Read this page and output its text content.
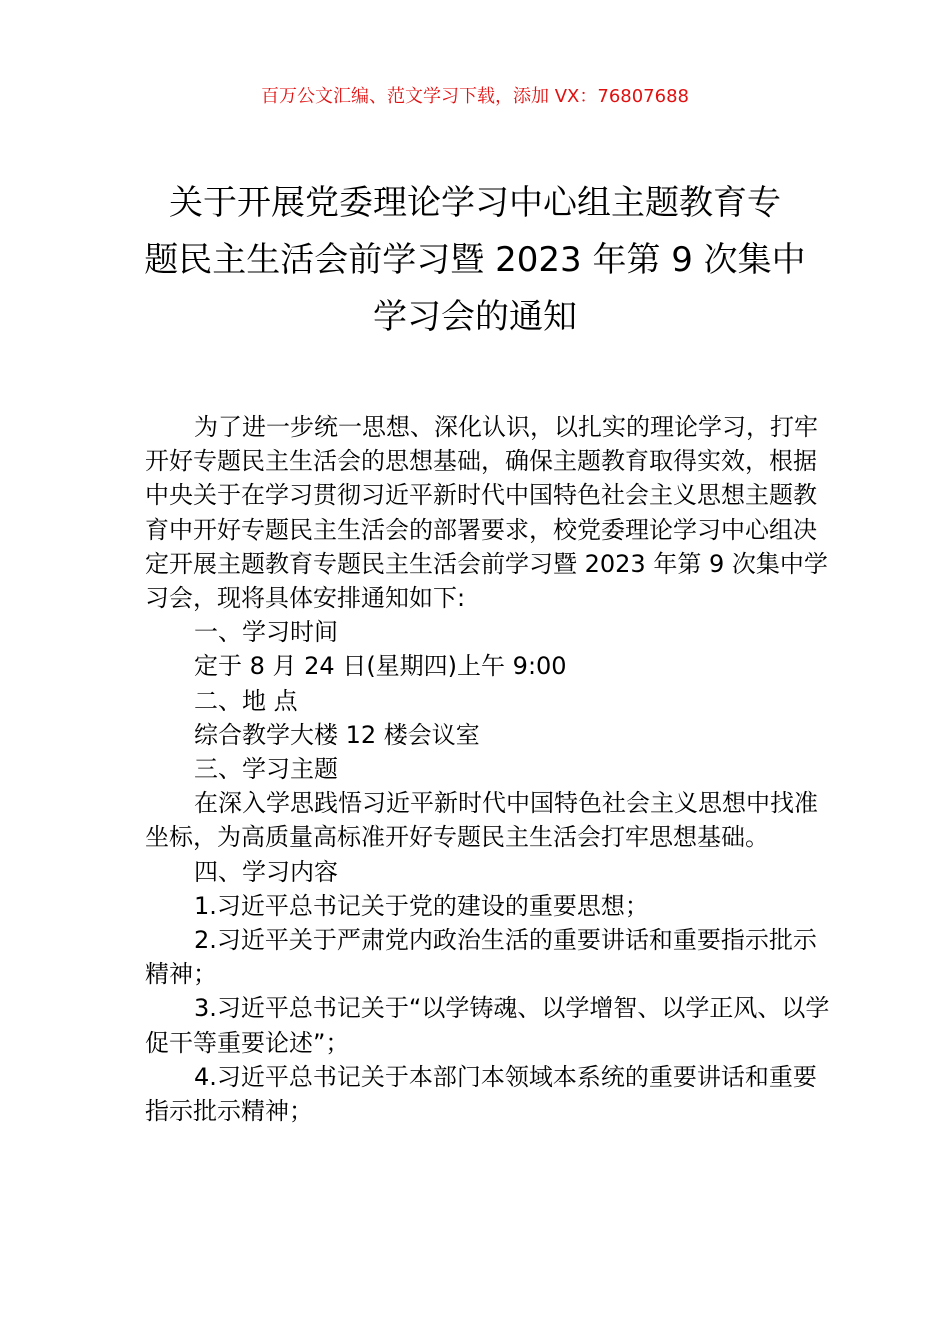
百万公文汇编、范文学习下载，添加 VX：76807688
关于开展党委理论学习中心组主题教育专
题民主生活会前学习暨 2023 年第 9 次集中
学习会的通知

为了进一步统一思想、深化认识，以扎实的理论学习，打牢开好专题民主生活会的思想基础，确保主题教育取得实效，根据中央关于在学习贯彻习近平新时代中国特色社会主义思想主题教育中开好专题民主生活会的部署要求，校党委理论学习中心组决定开展主题教育专题民主生活会前学习暨 2023 年第 9 次集中学习会，现将具体安排通知如下:

一、学习时间

定于 8 月 24 日(星期四)上午 9:00

二、地 点

综合教学大楼 12 楼会议室

三、学习主题

在深入学思践悟习近平新时代中国特色社会主义思想中找准坐标，为高质量高标准开好专题民主生活会打牢思想基础。

四、学习内容

1.习近平总书记关于党的建设的重要思想；

2.习近平关于严肃党内政治生活的重要讲话和重要指示批示精神；

3.习近平总书记关于“以学铸魂、以学增智、以学正风、以学促干等重要论述”；

4.习近平总书记关于本部门本领域本系统的重要讲话和重要指示批示精神；
